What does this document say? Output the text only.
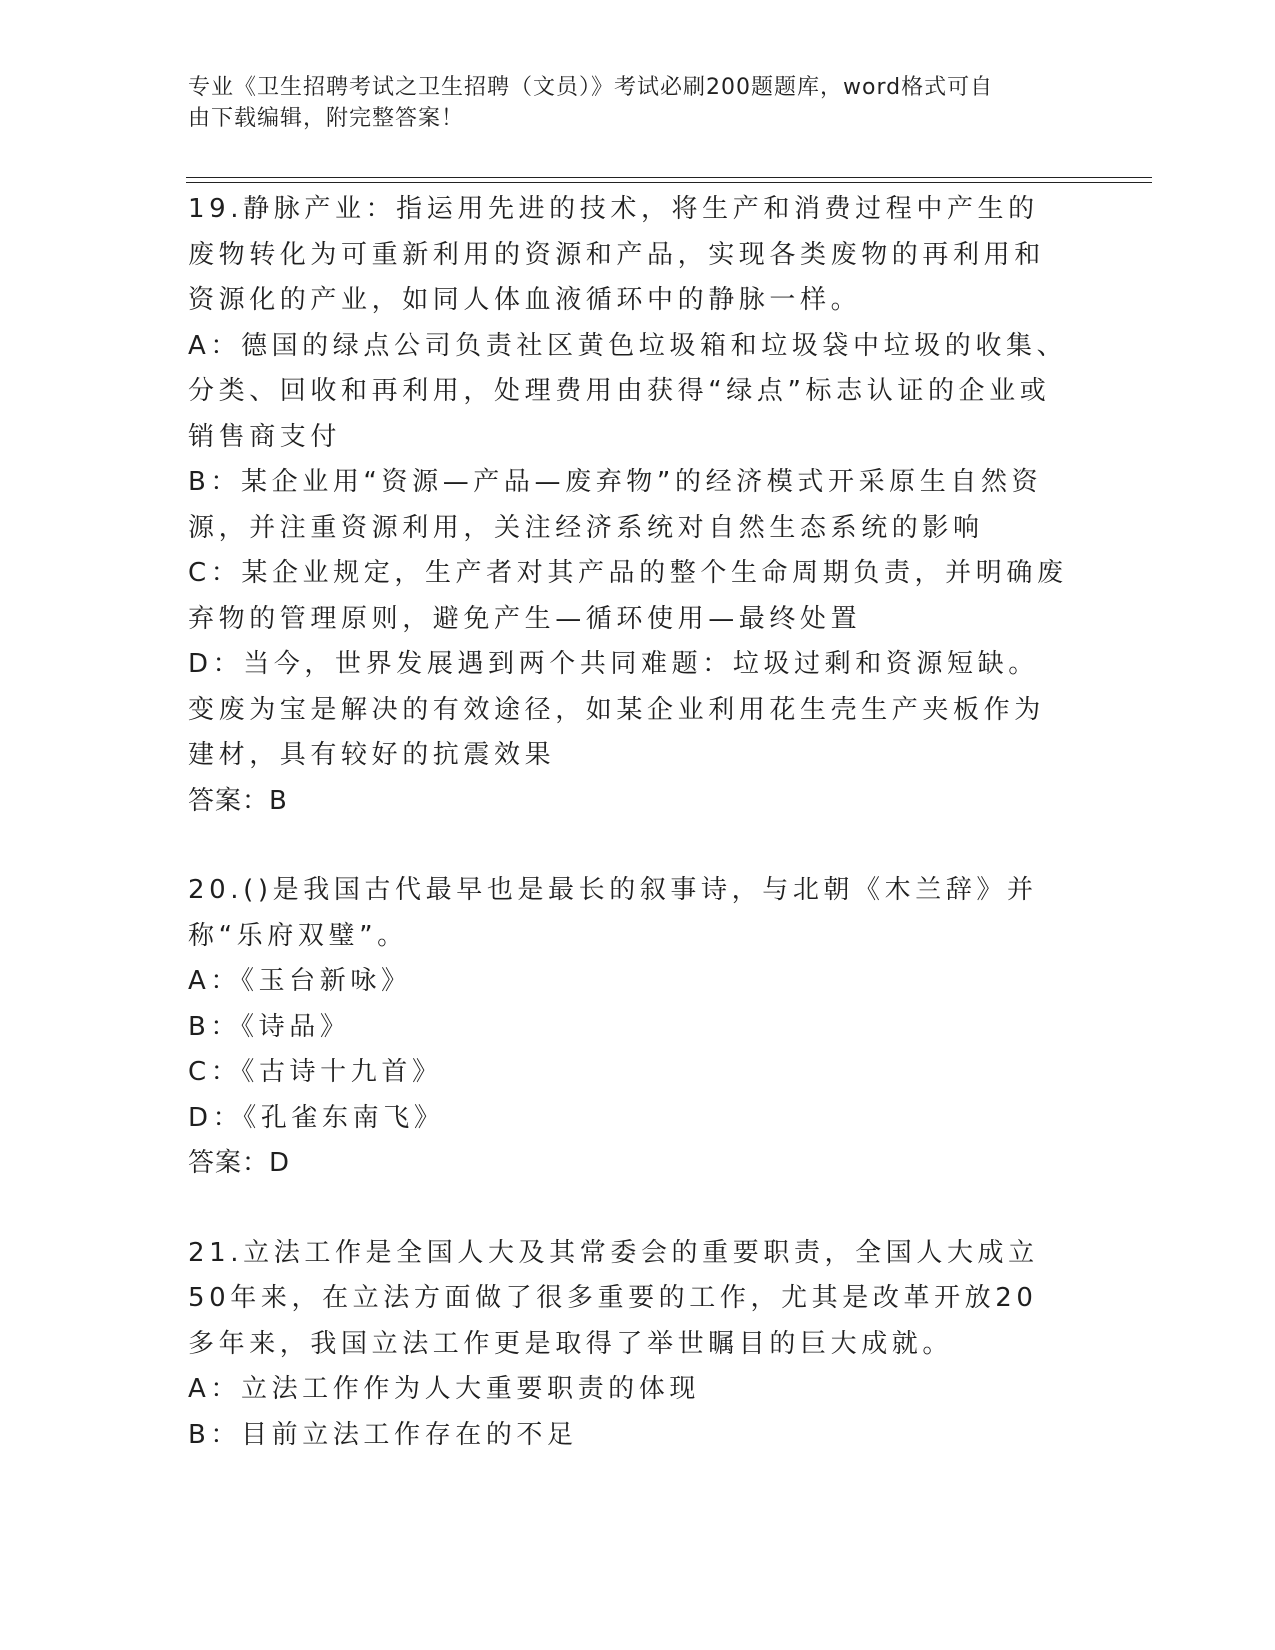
专业《卫生招聘考试之卫生招聘（文员）》考试必刷200题题库，word格式可自
由下载编辑，附完整答案！

19.静脉产业：指运用先进的技术，将生产和消费过程中产生的废物转化为可重新利用的资源和产品，实现各类废物的再利用和资源化的产业，如同人体血液循环中的静脉一样。

A：德国的绿点公司负责社区黄色垃圾箱和垃圾袋中垃圾的收集、分类、回收和再利用，处理费用由获得“绿点”标志认证的企业或销售商支付

B：某企业用“资源—产品—废弃物”的经济模式开采原生自然资源，并注重资源利用，关注经济系统对自然生态系统的影响

C：某企业规定，生产者对其产品的整个生命周期负责，并明确废弃物的管理原则，避免产生—循环使用—最终处置

D：当今，世界发展遇到两个共同难题：垃圾过剩和资源短缺。变废为宝是解决的有效途径，如某企业利用花生壳生产夹板作为建材，具有较好的抗震效果

答案：B

20.()是我国古代最早也是最长的叙事诗，与北朝《木兰辞》并称“乐府双璧”。

A：《玉台新咏》

B：《诗品》

C：《古诗十九首》

D：《孔雀东南飞》

答案：D

21.立法工作是全国人大及其常委会的重要职责，全国人大成立50年来，在立法方面做了很多重要的工作，尤其是改革开放20多年来，我国立法工作更是取得了举世瞩目的巨大成就。

A：立法工作作为人大重要职责的体现

B：目前立法工作存在的不足
